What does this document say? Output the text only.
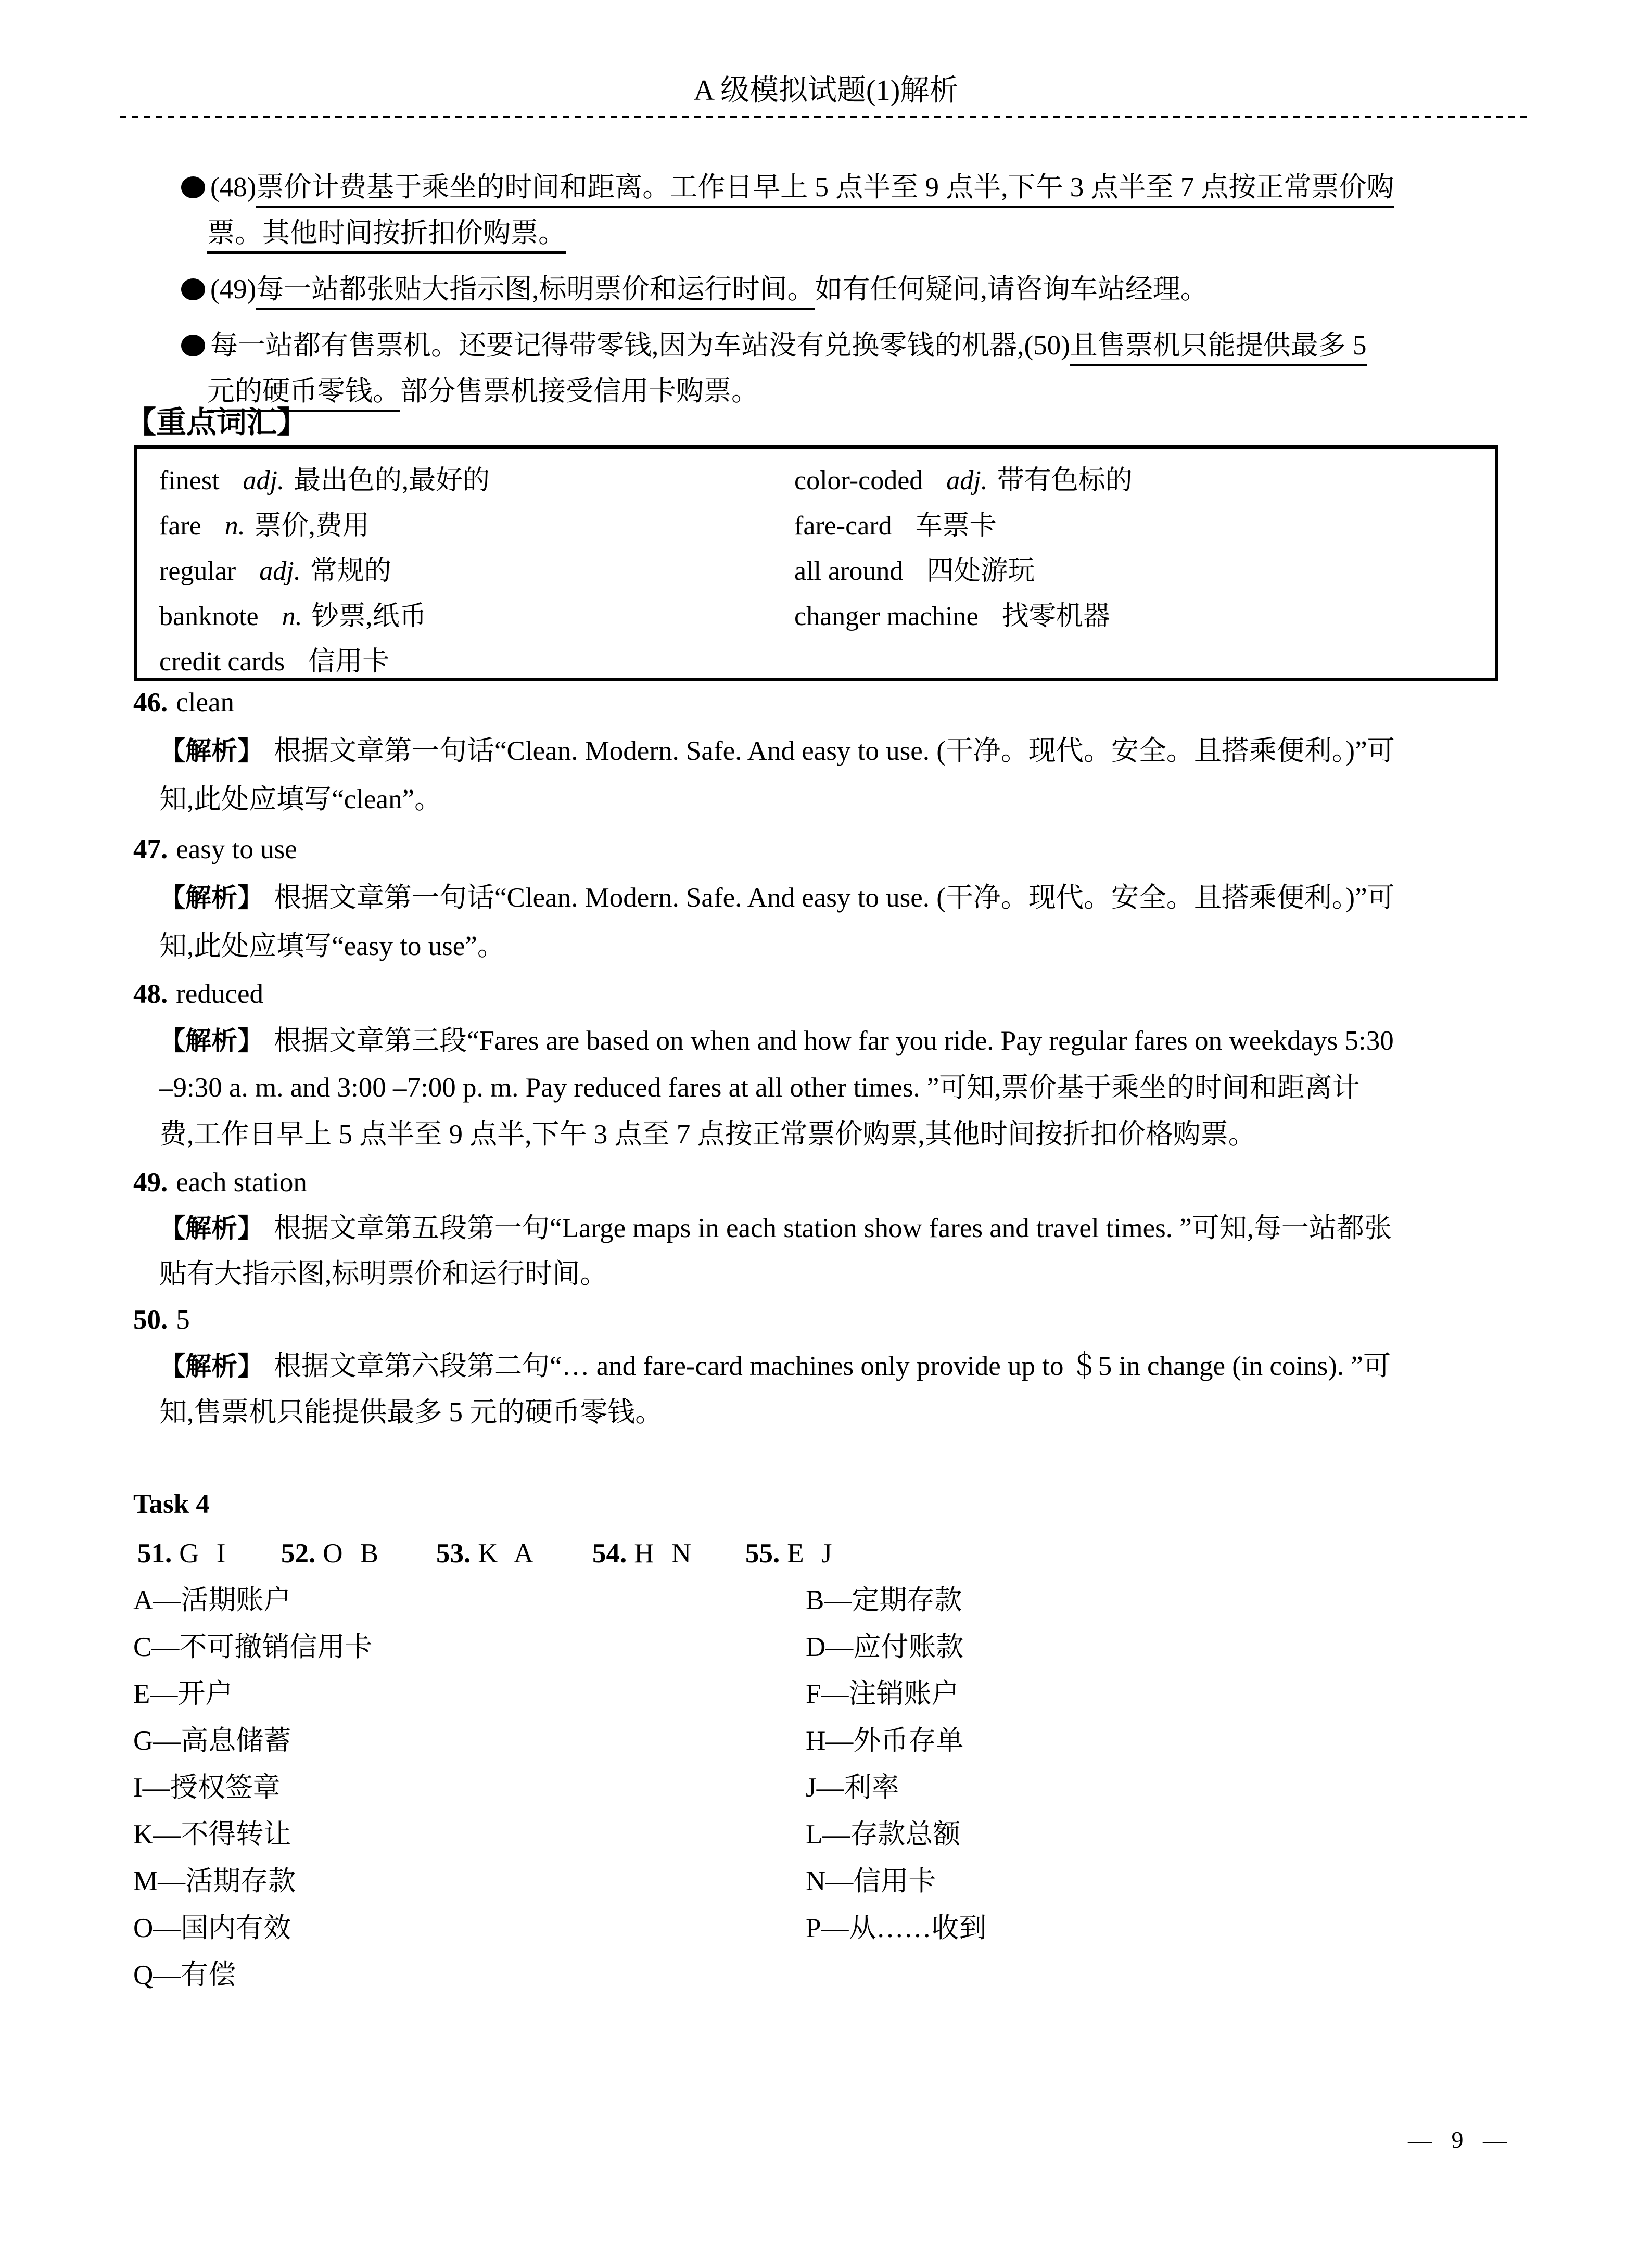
A 级模拟试题(1)解析
(48)票价计费基于乘坐的时间和距离。工作日早上 5 点半至 9 点半,下午 3 点半至 7 点按正常票价购
票。其他时间按折扣价购票。
(49)每一站都张贴大指示图,标明票价和运行时间。如有任何疑问,请咨询车站经理。
每一站都有售票机。还要记得带零钱,因为车站没有兑换零钱的机器,(50)且售票机只能提供最多 5
元的硬币零钱。部分售票机接受信用卡购票。
【重点词汇】
finest adj. 最出色的,最好的	color-coded adj. 带有色标的
fare n. 票价,费用	fare-card 车票卡
regular adj. 常规的	all around 四处游玩
banknote n. 钞票,纸币	changer machine 找零机器
credit cards 信用卡
46. clean
【解析】 根据文章第一句话“Clean. Modern. Safe. And easy to use. (干净。现代。安全。且搭乘便利。)”可
知,此处应填写“clean”。
47. easy to use
【解析】 根据文章第一句话“Clean. Modern. Safe. And easy to use. (干净。现代。安全。且搭乘便利。)”可
知,此处应填写“easy to use”。
48. reduced
【解析】 根据文章第三段“Fares are based on when and how far you ride. Pay regular fares on weekdays 5:30
–9:30 a. m. and 3:00 –7:00 p. m. Pay reduced fares at all other times. ”可知,票价基于乘坐的时间和距离计
费,工作日早上 5 点半至 9 点半,下午 3 点至 7 点按正常票价购票,其他时间按折扣价格购票。
49. each station
【解析】 根据文章第五段第一句“Large maps in each station show fares and travel times. ”可知,每一站都张
贴有大指示图,标明票价和运行时间。
50. 5
【解析】 根据文章第六段第二句“… and fare-card machines only provide up to ＄5 in change (in coins). ”可
知,售票机只能提供最多 5 元的硬币零钱。
Task 4
51. G I 52. O B 53. K A 54. H N 55. E J
A—活期账户	B—定期存款
C—不可撤销信用卡	D—应付账款
E—开户	F—注销账户
G—高息储蓄	H—外币存单
I—授权签章	J—利率
K—不得转让	L—存款总额
M—活期存款	N—信用卡
O—国内有效	P—从……收到
Q—有偿
— 9 —
